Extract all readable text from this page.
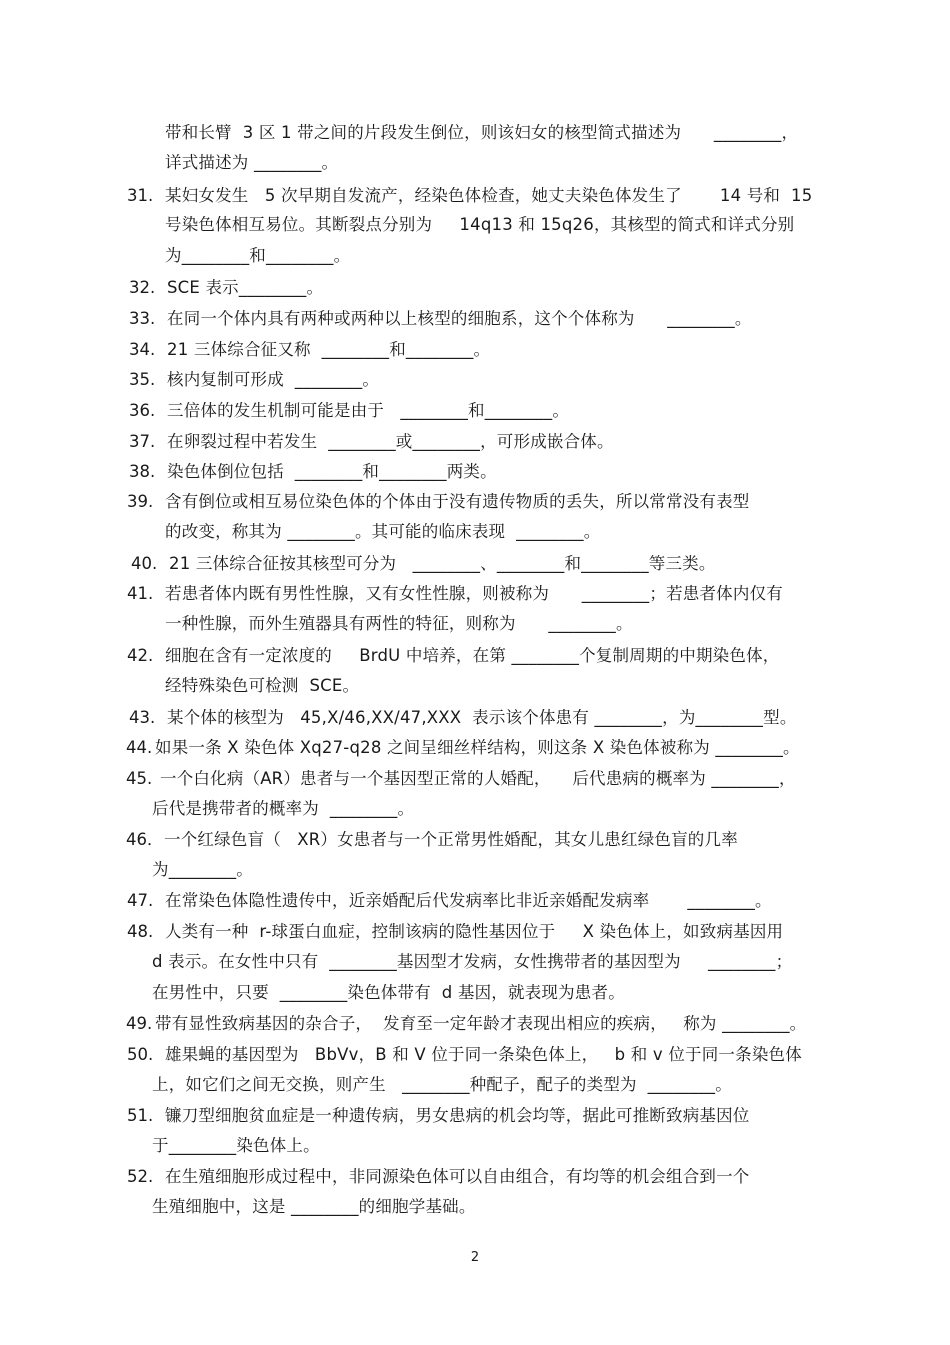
带和长臂  3 区 1 带之间的片段发生倒位，则该妇女的核型简式描述为      ________，
详式描述为 ________。
31. 某妇女发生   5 次早期自发流产，经染色体检查，她丈夫染色体发生了       14 号和  15
号染色体相互易位。其断裂点分别为     14q13 和 15q26，其核型的简式和详式分别
为________和________。
32. SCE 表示________。
33. 在同一个体内具有两种或两种以上核型的细胞系，这个个体称为      ________。
34. 21 三体综合征又称  ________和________。
35. 核内复制可形成  ________。
36. 三倍体的发生机制可能是由于   ________和________。
37. 在卵裂过程中若发生  ________或________，可形成嵌合体。
38. 染色体倒位包括  ________和________两类。
39. 含有倒位或相互易位染色体的个体由于没有遗传物质的丢失，所以常常没有表型
的改变，称其为 ________。其可能的临床表现  ________。
40. 21 三体综合征按其核型可分为   ________、________和________等三类。
41. 若患者体内既有男性性腺，又有女性性腺，则被称为      ________；若患者体内仅有
一种性腺，而外生殖器具有两性的特征，则称为      ________。
42. 细胞在含有一定浓度的     BrdU 中培养，在第 ________个复制周期的中期染色体，
经特殊染色可检测  SCE。
43. 某个体的核型为   45,X/46,XX/47,XXX  表示该个体患有 ________，为________型。
44. 如果一条 X 染色体 Xq27-q28 之间呈细丝样结构，则这条 X 染色体被称为 ________。
45. 一个白化病（AR）患者与一个基因型正常的人婚配，    后代患病的概率为 ________，
后代是携带者的概率为  ________。
46． 一个红绿色盲（   XR）女患者与一个正常男性婚配，其女儿患红绿色盲的几率
为________。
47. 在常染色体隐性遗传中，近亲婚配后代发病率比非近亲婚配发病率       ________。
48. 人类有一种  r-球蛋白血症，控制该病的隐性基因位于     X 染色体上，如致病基因用
d 表示。在女性中只有  ________基因型才发病，女性携带者的基因型为     ________；
在男性中，只要  ________染色体带有  d 基因，就表现为患者。
49. 带有显性致病基因的杂合子，  发育至一定年龄才表现出相应的疾病，   称为 ________。
50. 雄果蝇的基因型为   BbVv，B 和 V 位于同一条染色体上，   b 和 v 位于同一条染色体
上，如它们之间无交换，则产生   ________种配子，配子的类型为  ________。
51. 镰刀型细胞贫血症是一种遗传病，男女患病的机会均等，据此可推断致病基因位
于________染色体上。
52. 在生殖细胞形成过程中，非同源染色体可以自由组合，有均等的机会组合到一个
生殖细胞中，这是 ________的细胞学基础。
2
